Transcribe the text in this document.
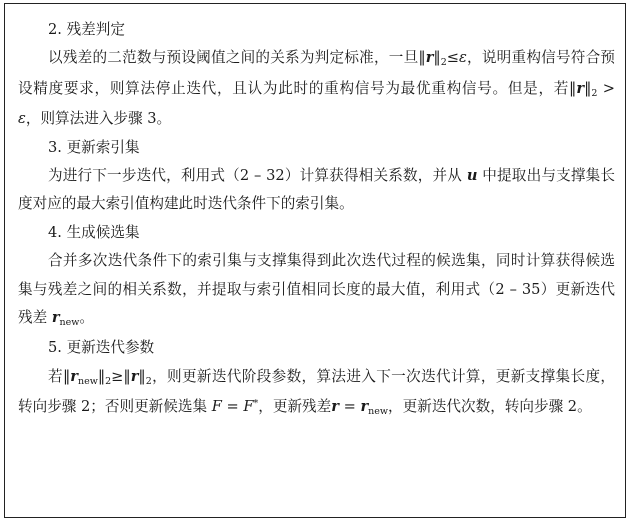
2. 残差判定
以残差的二范数与预设阈值之间的关系为判定标准，一旦$‖r‖_2\le\varepsilon$，说明重构信号符合预设精度要求，则算法停止迭代，且认为此时的重构信号为最优重构信号。但是，若$‖r‖_2 > \varepsilon$，则算法进入步骤 3。
3. 更新索引集
为进行下一步迭代，利用式（2 – 32）计算获得相关系数，并从 u 中提取出与支撑集长度对应的最大索引值构建此时迭代条件下的索引集。
4. 生成候选集
合并多次迭代条件下的索引集与支撑集得到此次迭代过程的候选集，同时计算获得候选集与残差之间的相关系数，并提取与索引值相同长度的最大值，利用式（2 – 35）更新迭代残差 $r_{new}$。
5. 更新迭代参数
若$‖r_{new}‖_2\ge‖r‖_2$，则更新迭代阶段参数，算法进入下一次迭代计算，更新支撑集长度，转向步骤 2；否则更新候选集 F = F*，更新残差$r = r_{new}$，更新迭代次数，转向步骤 2。
